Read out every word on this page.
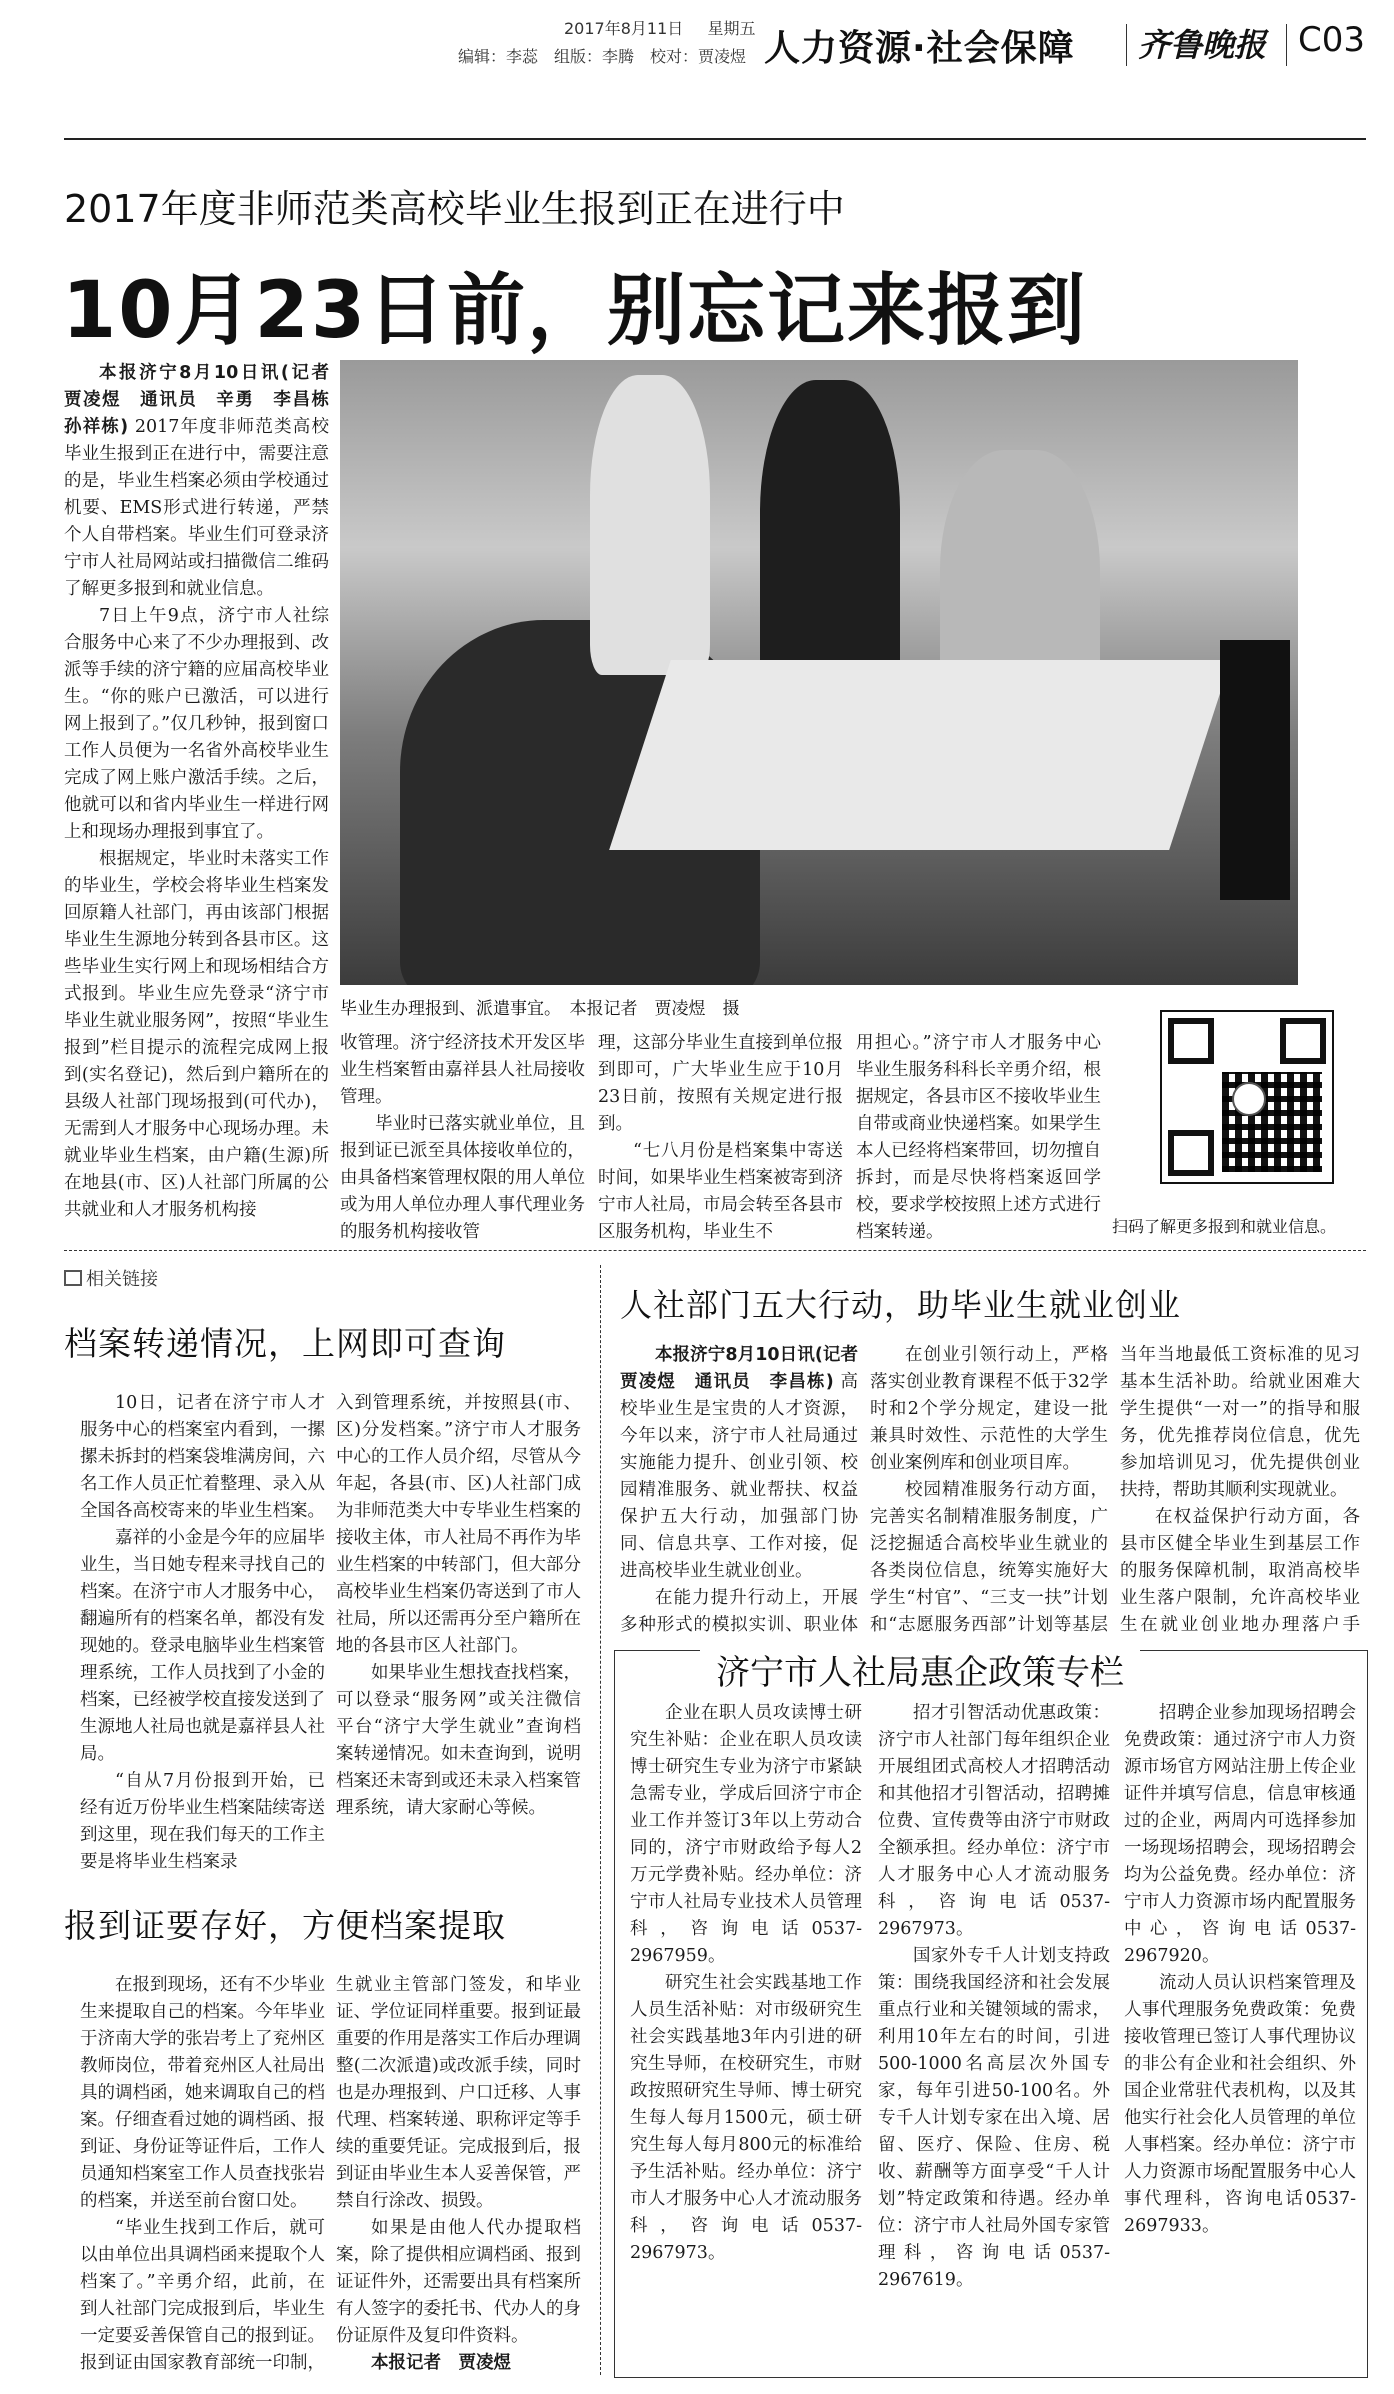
2017年8月11日 星期五
编辑：李蕊　组版：李腾　校对：贾凌煜 人力资源·社会保障 齐鲁晚报 C03
2017年度非师范类高校毕业生报到正在进行中
10月23日前，别忘记来报到

本报济宁8月10日讯(记者　贾凌煜　通讯员　辛勇　李昌栋　孙祥栋) 2017年度非师范类高校毕业生报到正在进行中，需要注意的是，毕业生档案必须由学校通过机要、EMS形式进行转递，严禁个人自带档案。毕业生们可登录济宁市人社局网站或扫描微信二维码了解更多报到和就业信息。

7日上午9点，济宁市人社综合服务中心来了不少办理报到、改派等手续的济宁籍的应届高校毕业生。“你的账户已激活，可以进行网上报到了。”仅几秒钟，报到窗口工作人员便为一名省外高校毕业生完成了网上账户激活手续。之后，他就可以和省内毕业生一样进行网上和现场办理报到事宜了。

根据规定，毕业时未落实工作的毕业生，学校会将毕业生档案发回原籍人社部门，再由该部门根据毕业生生源地分转到各县市区。这些毕业生实行网上和现场相结合方式报到。毕业生应先登录“济宁市毕业生就业服务网”，按照“毕业生报到”栏目提示的流程完成网上报到(实名登记)，然后到户籍所在的县级人社部门现场报到(可代办)，无需到人才服务中心现场办理。未就业毕业生档案，由户籍(生源)所在地县(市、区)人社部门所属的公共就业和人才服务机构接

毕业生办理报到、派遣事宜。　本报记者　贾凌煜　摄

收管理。济宁经济技术开发区毕业生档案暂由嘉祥县人社局接收管理。

毕业时已落实就业单位，且报到证已派至具体接收单位的，由具备档案管理权限的用人单位或为用人单位办理人事代理业务的服务机构接收管

理，这部分毕业生直接到单位报到即可，广大毕业生应于10月23日前，按照有关规定进行报到。

“七八月份是档案集中寄送时间，如果毕业生档案被寄到济宁市人社局，市局会转至各县市区服务机构，毕业生不

用担心。”济宁市人才服务中心毕业生服务科科长辛勇介绍，根据规定，各县市区不接收毕业生自带或商业快递档案。如果学生本人已经将档案带回，切勿擅自拆封，而是尽快将档案返回学校，要求学校按照上述方式进行档案转递。	扫码了解更多报到和就业信息。
相关链接
档案转递情况，上网即可查询

10日，记者在济宁市人才服务中心的档案室内看到，一摞摞未拆封的档案袋堆满房间，六名工作人员正忙着整理、录入从全国各高校寄来的毕业生档案。

嘉祥的小金是今年的应届毕业生，当日她专程来寻找自己的档案。在济宁市人才服务中心，翻遍所有的档案名单，都没有发现她的。登录电脑毕业生档案管理系统，工作人员找到了小金的档案，已经被学校直接发送到了生源地人社局也就是嘉祥县人社局。

“自从7月份报到开始，已经有近万份毕业生档案陆续寄送到这里，现在我们每天的工作主要是将毕业生档案录

入到管理系统，并按照县(市、区)分发档案。”济宁市人才服务中心的工作人员介绍，尽管从今年起，各县(市、区)人社部门成为非师范类大中专毕业生档案的接收主体，市人社局不再作为毕业生档案的中转部门，但大部分高校毕业生档案仍寄送到了市人社局，所以还需再分至户籍所在地的各县市区人社部门。

如果毕业生想找查找档案，可以登录“服务网”或关注微信平台“济宁大学生就业”查询档案转递情况。如未查询到，说明档案还未寄到或还未录入档案管理系统，请大家耐心等候。

报到证要存好，方便档案提取

在报到现场，还有不少毕业生来提取自己的档案。今年毕业于济南大学的张岩考上了兖州区教师岗位，带着兖州区人社局出具的调档函，她来调取自己的档案。仔细查看过她的调档函、报到证、身份证等证件后，工作人员通知档案室工作人员查找张岩的档案，并送至前台窗口处。

“毕业生找到工作后，就可以由单位出具调档函来提取个人档案了。”辛勇介绍，此前，在到人社部门完成报到后，毕业生一定要妥善保管自己的报到证。报到证由国家教育部统一印制，

生就业主管部门签发，和毕业证、学位证同样重要。报到证最重要的作用是落实工作后办理调整(二次派遣)或改派手续，同时也是办理报到、户口迁移、人事代理、档案转递、职称评定等手续的重要凭证。完成报到后，报到证由毕业生本人妥善保管，严禁自行涂改、损毁。

如果是由他人代办提取档案，除了提供相应调档函、报到证证件外，还需要出具有档案所有人签字的委托书、代办人的身份证原件及复印件资料。

本报记者　贾凌煜

人社部门五大行动，助毕业生就业创业

本报济宁8月10日讯(记者　贾凌煜　通讯员　李昌栋) 高校毕业生是宝贵的人才资源，今年以来，济宁市人社局通过实施能力提升、创业引领、校园精准服务、就业帮扶、权益保护五大行动，加强部门协同、信息共享、工作对接，促进高校毕业生就业创业。

在能力提升行动上，开展多种形式的模拟实训、职业体

在创业引领行动上，严格落实创业教育课程不低于32学时和2个学分规定，建设一批兼具时效性、示范性的大学生创业案例库和创业项目库。

校园精准服务行动方面，完善实名制精准服务制度，广泛挖掘适合高校毕业生就业的各类岗位信息，统筹实施好大学生“村官”、“三支一扶”计划和“志愿服务西部”计划等基层

当年当地最低工资标准的见习基本生活补助。给就业困难大学生提供“一对一”的指导和服务，优先推荐岗位信息，优先参加培训见习，优先提供创业扶持，帮助其顺利实现就业。

在权益保护行动方面，各县市区健全毕业生到基层工作的服务保障机制，取消高校毕业生落户限制，允许高校毕业生在就业创业地办理落户手

济宁市人社局惠企政策专栏

企业在职人员攻读博士研究生补贴：企业在职人员攻读博士研究生专业为济宁市紧缺急需专业，学成后回济宁市企业工作并签订3年以上劳动合同的，济宁市财政给予每人2万元学费补贴。经办单位：济宁市人社局专业技术人员管理科，咨询电话0537-2967959。

研究生社会实践基地工作人员生活补贴：对市级研究生社会实践基地3年内引进的研究生导师，在校研究生，市财政按照研究生导师、博士研究生每人每月1500元，硕士研究生每人每月800元的标准给予生活补贴。经办单位：济宁市人才服务中心人才流动服务科，咨询电话0537-2967973。

招才引智活动优惠政策：济宁市人社部门每年组织企业开展组团式高校人才招聘活动和其他招才引智活动，招聘摊位费、宣传费等由济宁市财政全额承担。经办单位：济宁市人才服务中心人才流动服务科，咨询电话0537-2967973。

国家外专千人计划支持政策：围绕我国经济和社会发展重点行业和关键领域的需求，利用10年左右的时间，引进500-1000名高层次外国专家，每年引进50-100名。外专千人计划专家在出入境、居留、医疗、保险、住房、税收、薪酬等方面享受“千人计划”特定政策和待遇。经办单位：济宁市人社局外国专家管理科，咨询电话0537-2967619。

招聘企业参加现场招聘会免费政策：通过济宁市人力资源市场官方网站注册上传企业证件并填写信息，信息审核通过的企业，两周内可选择参加一场现场招聘会，现场招聘会均为公益免费。经办单位：济宁市人力资源市场内配置服务中心，咨询电话0537-2967920。

流动人员认识档案管理及人事代理服务免费政策：免费接收管理已签订人事代理协议的非公有企业和社会组织、外国企业常驻代表机构，以及其他实行社会化人员管理的单位人事档案。经办单位：济宁市人力资源市场配置服务中心人事代理科，咨询电话0537-2697933。
